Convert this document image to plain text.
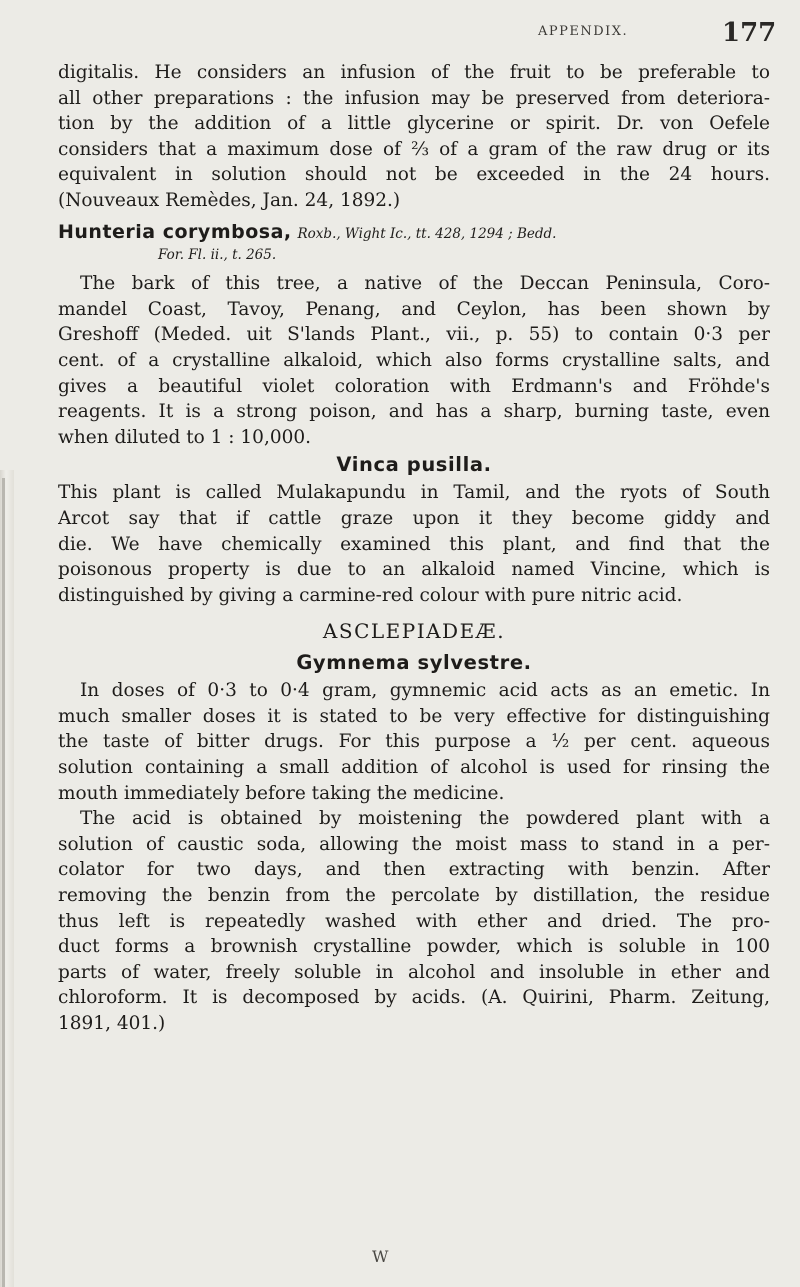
APPENDIX.	177
digitalis. He considers an infusion of the fruit to be preferable to
all other preparations : the infusion may be preserved from deteriora-
tion by the addition of a little glycerine or spirit. Dr. von Oefele
considers that a maximum dose of ⅔ of a gram of the raw drug or its
equivalent in solution should not be exceeded in the 24 hours.
(Nouveaux Remèdes, Jan. 24, 1892.)
Hunteria corymbosa, Roxb., Wight Ic., tt. 428, 1294 ; Bedd.
For. Fl. ii., t. 265.
The bark of this tree, a native of the Deccan Peninsula, Coro-
mandel Coast, Tavoy, Penang, and Ceylon, has been shown by
Greshoff (Meded. uit S'lands Plant., vii., p. 55) to contain 0·3 per
cent. of a crystalline alkaloid, which also forms crystalline salts, and
gives a beautiful violet coloration with Erdmann's and Fröhde's
reagents. It is a strong poison, and has a sharp, burning taste, even
when diluted to 1 : 10,000.
Vinca pusilla.
This plant is called Mulakapundu in Tamil, and the ryots of South
Arcot say that if cattle graze upon it they become giddy and
die. We have chemically examined this plant, and find that the
poisonous property is due to an alkaloid named Vincine, which is
distinguished by giving a carmine-red colour with pure nitric acid.
ASCLEPIADEÆ.
Gymnema sylvestre.
In doses of 0·3 to 0·4 gram, gymnemic acid acts as an emetic. In
much smaller doses it is stated to be very effective for distinguishing
the taste of bitter drugs. For this purpose a ½ per cent. aqueous
solution containing a small addition of alcohol is used for rinsing the
mouth immediately before taking the medicine.
The acid is obtained by moistening the powdered plant with a
solution of caustic soda, allowing the moist mass to stand in a per-
colator for two days, and then extracting with benzin. After
removing the benzin from the percolate by distillation, the residue
thus left is repeatedly washed with ether and dried. The pro-
duct forms a brownish crystalline powder, which is soluble in 100
parts of water, freely soluble in alcohol and insoluble in ether and
chloroform. It is decomposed by acids. (A. Quirini, Pharm. Zeitung,
1891, 401.)
W
